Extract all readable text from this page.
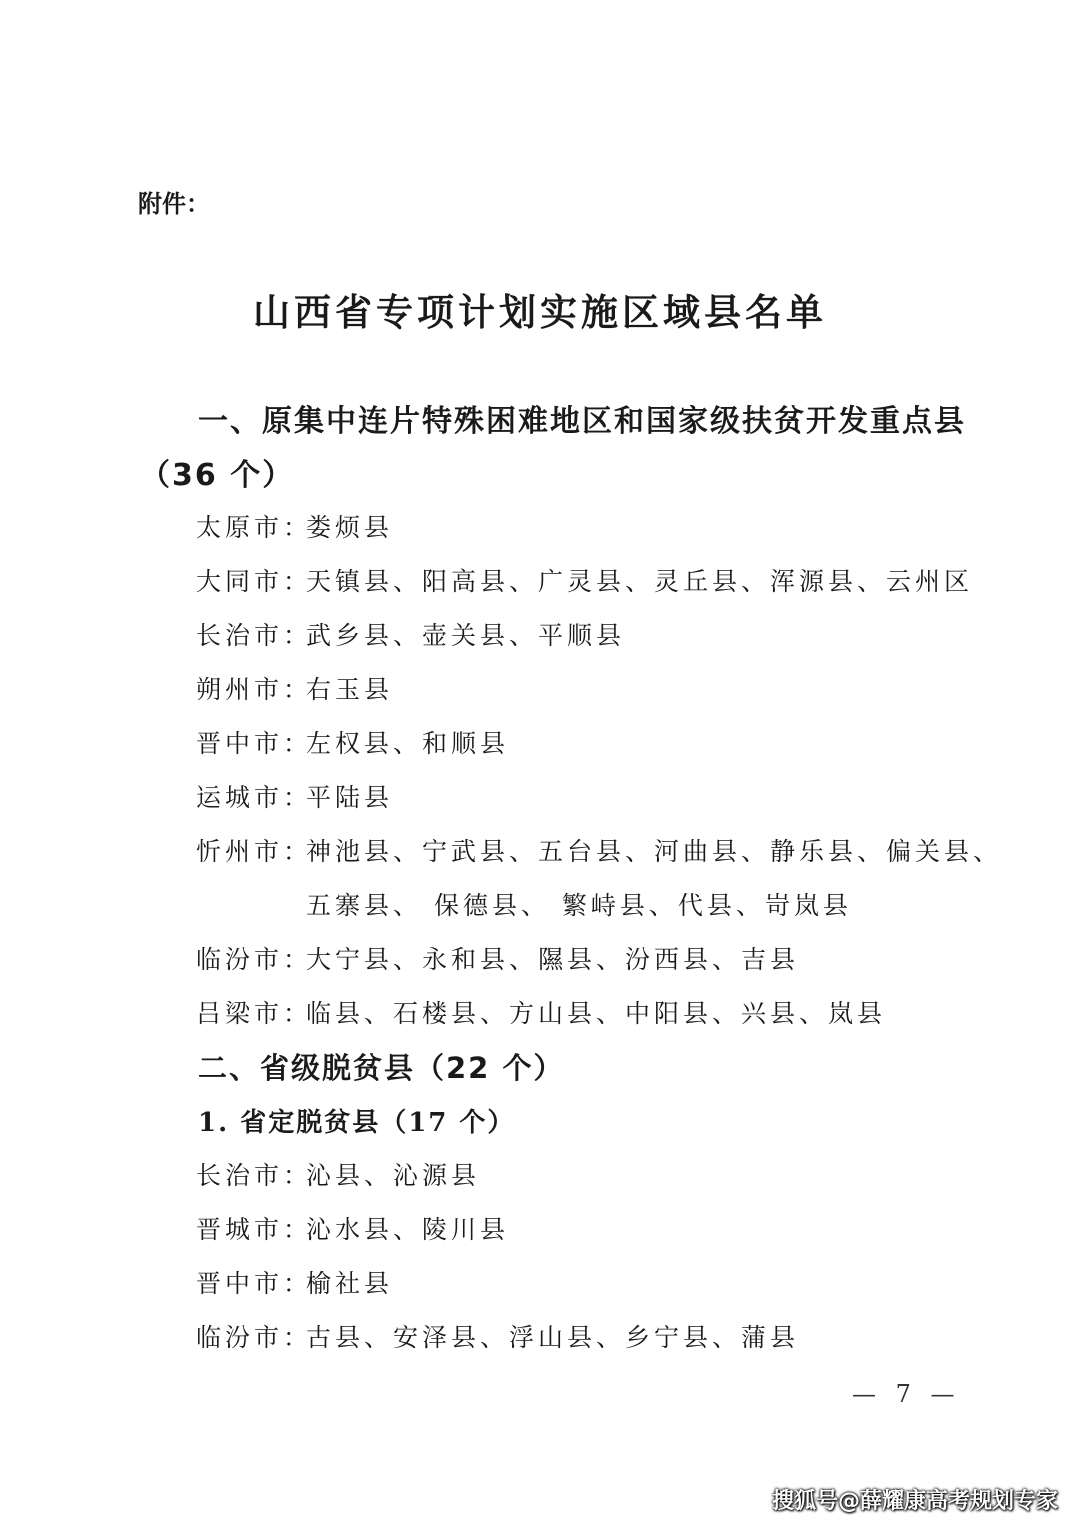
附件：
山西省专项计划实施区域县名单
一、原集中连片特殊困难地区和国家级扶贫开发重点县
（36 个）
太原市：娄烦县
大同市：天镇县、阳高县、广灵县、灵丘县、浑源县、云州区
长治市：武乡县、壶关县、平顺县
朔州市：右玉县
晋中市：左权县、和顺县
运城市：平陆县
忻州市：神池县、宁武县、五台县、河曲县、静乐县、偏关县、
五寨县、 保德县、 繁峙县、代县、岢岚县
临汾市：大宁县、永和县、隰县、汾西县、吉县
吕梁市：临县、石楼县、方山县、中阳县、兴县、岚县
二、省级脱贫县（22 个）
1. 省定脱贫县（17 个）
长治市：沁县、沁源县
晋城市：沁水县、陵川县
晋中市：榆社县
临汾市：古县、安泽县、浮山县、乡宁县、蒲县
— 7 —
搜狐号@薛耀康高考规划专家
